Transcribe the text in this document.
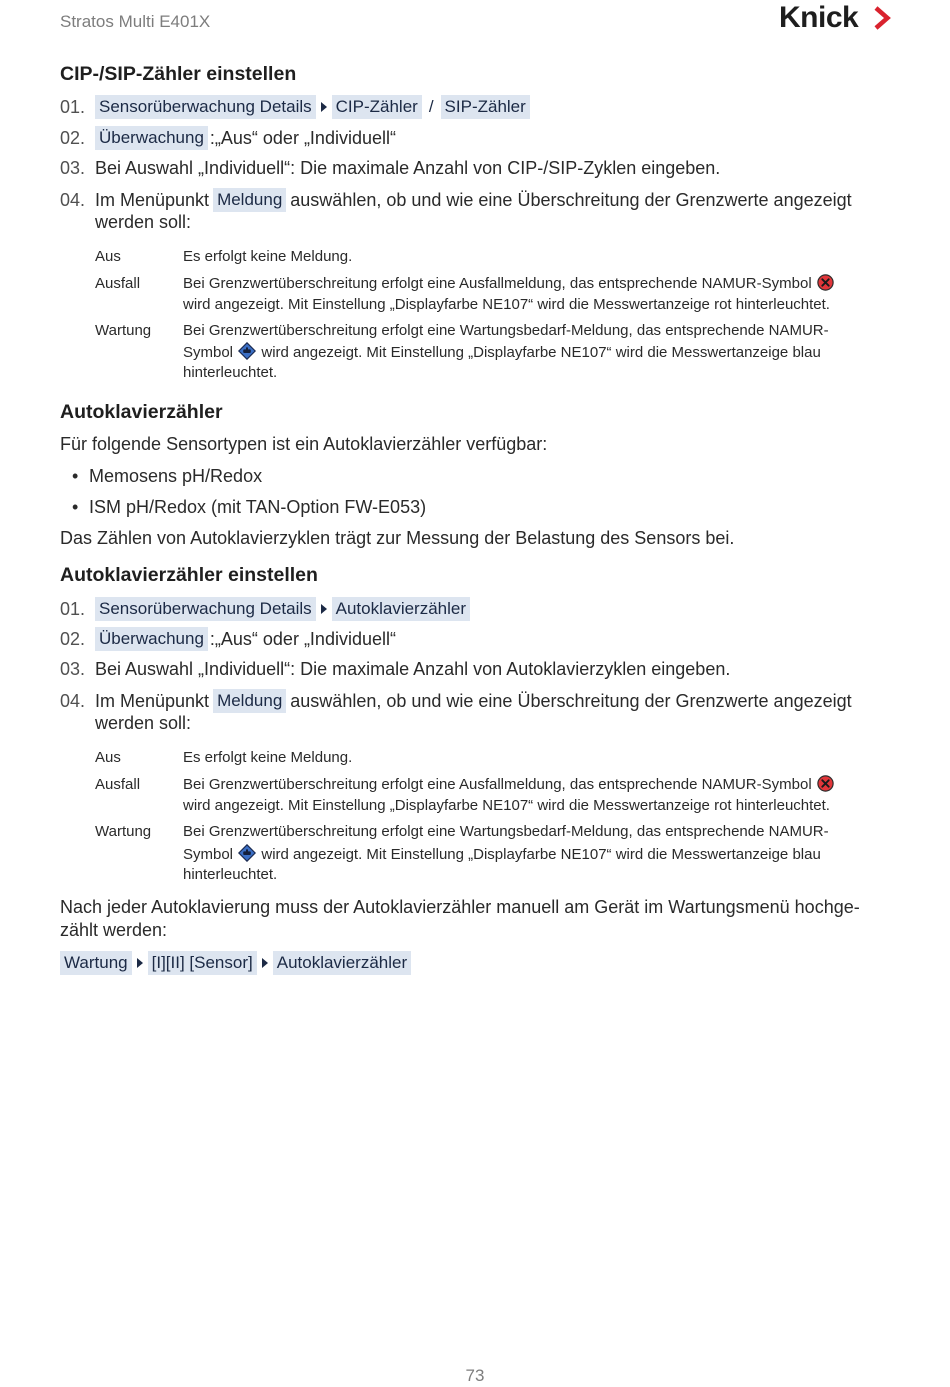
Stratos Multi E401X	Knick
CIP-/SIP-Zähler einstellen
01. Sensorüberwachung Details CIP-Zähler / SIP-Zähler
02. Überwachung :„Aus“ oder „Individuell“
03. Bei Auswahl „Individuell“: Die maximale Anzahl von CIP-/SIP-Zyklen eingeben.
04. Im Menüpunkt Meldung auswählen, ob und wie eine Überschreitung der Grenzwerte angezeigt
werden soll:
Aus	Es erfolgt keine Meldung.
Ausfall	Bei Grenzwertüberschreitung erfolgt eine Ausfallmeldung, das entsprechende NAMUR-Symbol
wird angezeigt. Mit Einstellung „Displayfarbe NE107“ wird die Messwertanzeige rot hinterleuchtet.
Wartung Bei Grenzwertüberschreitung erfolgt eine Wartungsbedarf-Meldung, das entsprechende NAMUR-
Symbol wird angezeigt. Mit Einstellung „Displayfarbe NE107“ wird die Messwertanzeige blau
hinterleuchtet.
Autoklavierzähler
Für folgende Sensortypen ist ein Autoklavierzähler verfügbar:
• Memosens pH/Redox
• ISM pH/Redox (mit TAN-Option FW-E053)
Das Zählen von Autoklavierzyklen trägt zur Messung der Belastung des Sensors bei.
Autoklavierzähler einstellen
01. Sensorüberwachung Details Autoklavierzähler
02. Überwachung :„Aus“ oder „Individuell“
03. Bei Auswahl „Individuell“: Die maximale Anzahl von Autoklavierzyklen eingeben.
04. Im Menüpunkt Meldung auswählen, ob und wie eine Überschreitung der Grenzwerte angezeigt
werden soll:
Aus	Es erfolgt keine Meldung.
Ausfall	Bei Grenzwertüberschreitung erfolgt eine Ausfallmeldung, das entsprechende NAMUR-Symbol
wird angezeigt. Mit Einstellung „Displayfarbe NE107“ wird die Messwertanzeige rot hinterleuchtet.
Wartung Bei Grenzwertüberschreitung erfolgt eine Wartungsbedarf-Meldung, das entsprechende NAMUR-
Symbol wird angezeigt. Mit Einstellung „Displayfarbe NE107“ wird die Messwertanzeige blau
hinterleuchtet.
Nach jeder Autoklavierung muss der Autoklavierzähler manuell am Gerät im Wartungsmenü hochge-
zählt werden:
Wartung [I][II] [Sensor] Autoklavierzähler
73
